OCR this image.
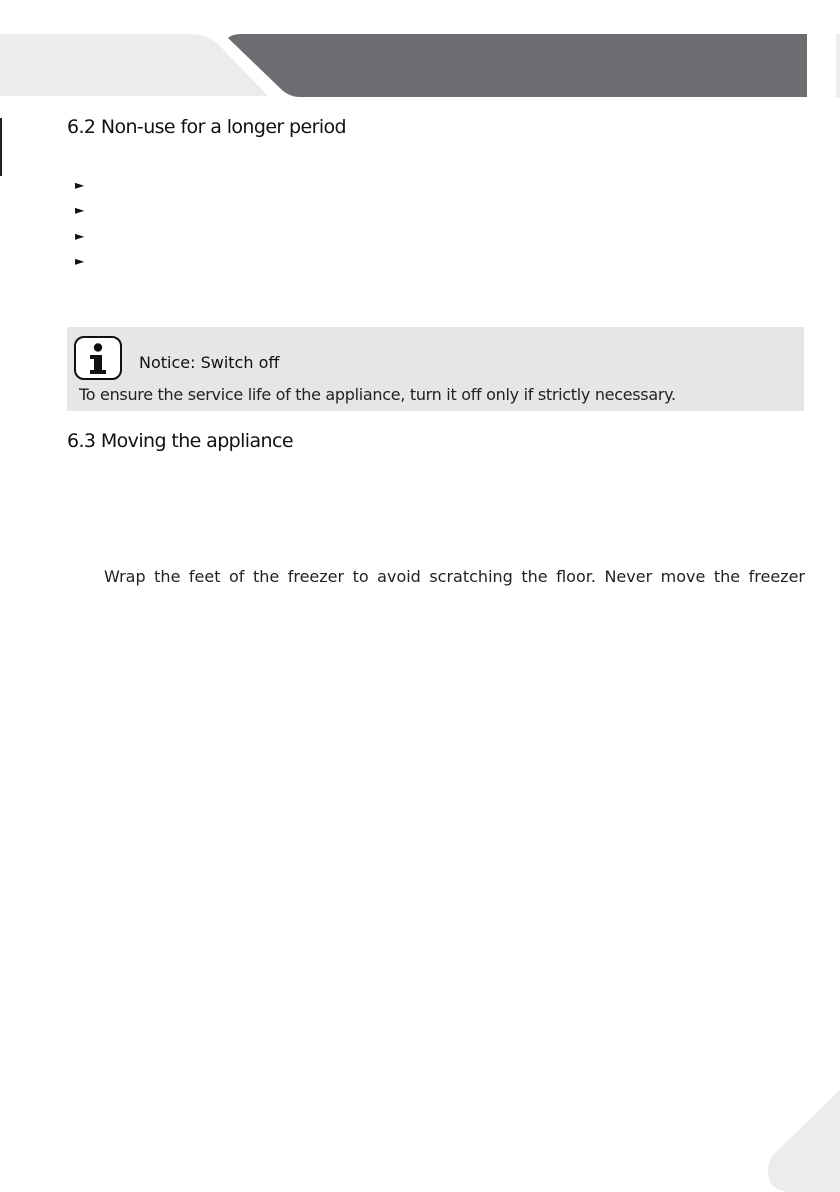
6.2 Non-use for a longer period
►
►
►
►
Notice: Switch off
To ensure the service life of the appliance, turn it off only if strictly necessary.
6.3 Moving the appliance
Wrap the feet of the freezer to avoid scratching the floor. Never move the freezer
